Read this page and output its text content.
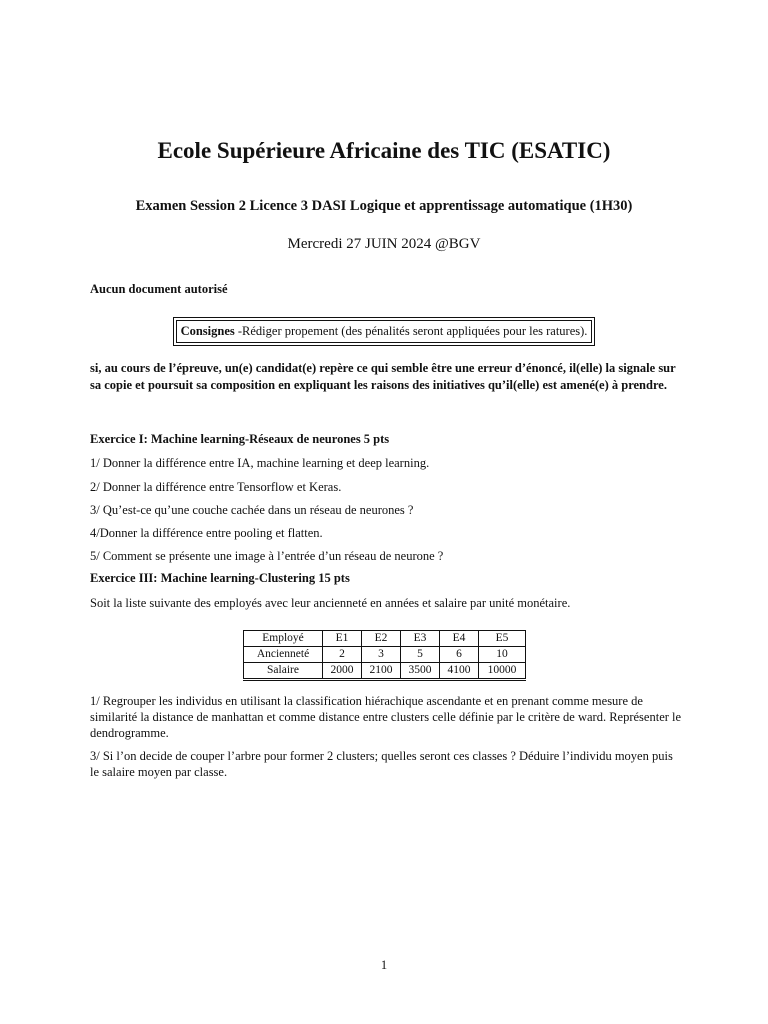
Ecole Supérieure Africaine des TIC (ESATIC)

Examen Session 2 Licence 3 DASI Logique et apprentissage automatique (1H30)

Mercredi 27 JUIN 2024 @BGV

Aucun document autorisé

Consignes -Rédiger propement (des pénalités seront appliquées pour les ratures).

si, au cours de l’épreuve, un(e) candidat(e) repère ce qui semble être une erreur d’énoncé, il(elle) la signale sur sa copie et poursuit sa composition en expliquant les raisons des initiatives qu’il(elle) est amené(e) à prendre.

Exercice I: Machine learning-Réseaux de neurones 5 pts

1/ Donner la différence entre IA, machine learning et deep learning.

2/ Donner la différence entre Tensorflow et Keras.

3/ Qu’est-ce qu’une couche cachée dans un réseau de neurones ?

4/Donner la différence entre pooling et flatten.

5/ Comment se présente une image à l’entrée d’un réseau de neurone ?

Exercice III: Machine learning-Clustering 15 pts

Soit la liste suivante des employés avec leur ancienneté en années et salaire par unité monétaire.

Employé	E1	E2	E3	E4	E5
Ancienneté	2	3	5	6	10
Salaire	2000	2100	3500	4100	10000

1/ Regrouper les individus en utilisant la classification hiérachique ascendante et en prenant comme mesure de similarité la distance de manhattan et comme distance entre clusters celle définie par le critère de ward. Représenter le dendrogramme.

3/ Si l’on decide de couper l’arbre pour former 2 clusters; quelles seront ces classes ? Déduire l’individu moyen puis le salaire moyen par classe.

1
